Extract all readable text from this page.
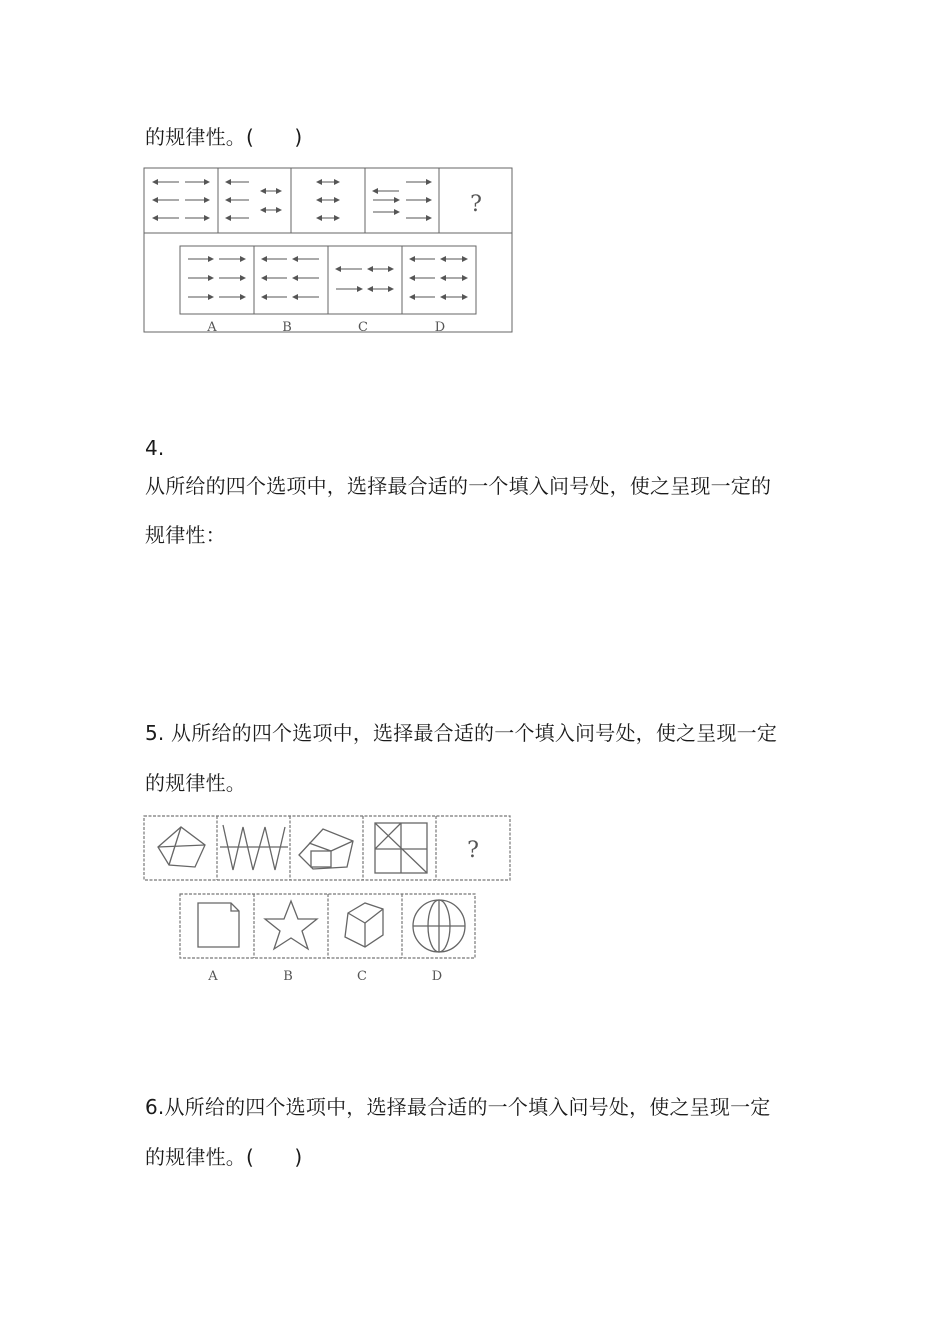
的规律性。(　　)
?
A	B	C	D
4.
从所给的四个选项中，选择最合适的一个填入问号处，使之呈现一定的
规律性：
5. 从所给的四个选项中，选择最合适的一个填入问号处，使之呈现一定
的规律性。
?
A	B	C	D
6.从所给的四个选项中，选择最合适的一个填入问号处，使之呈现一定
的规律性。(　　)
